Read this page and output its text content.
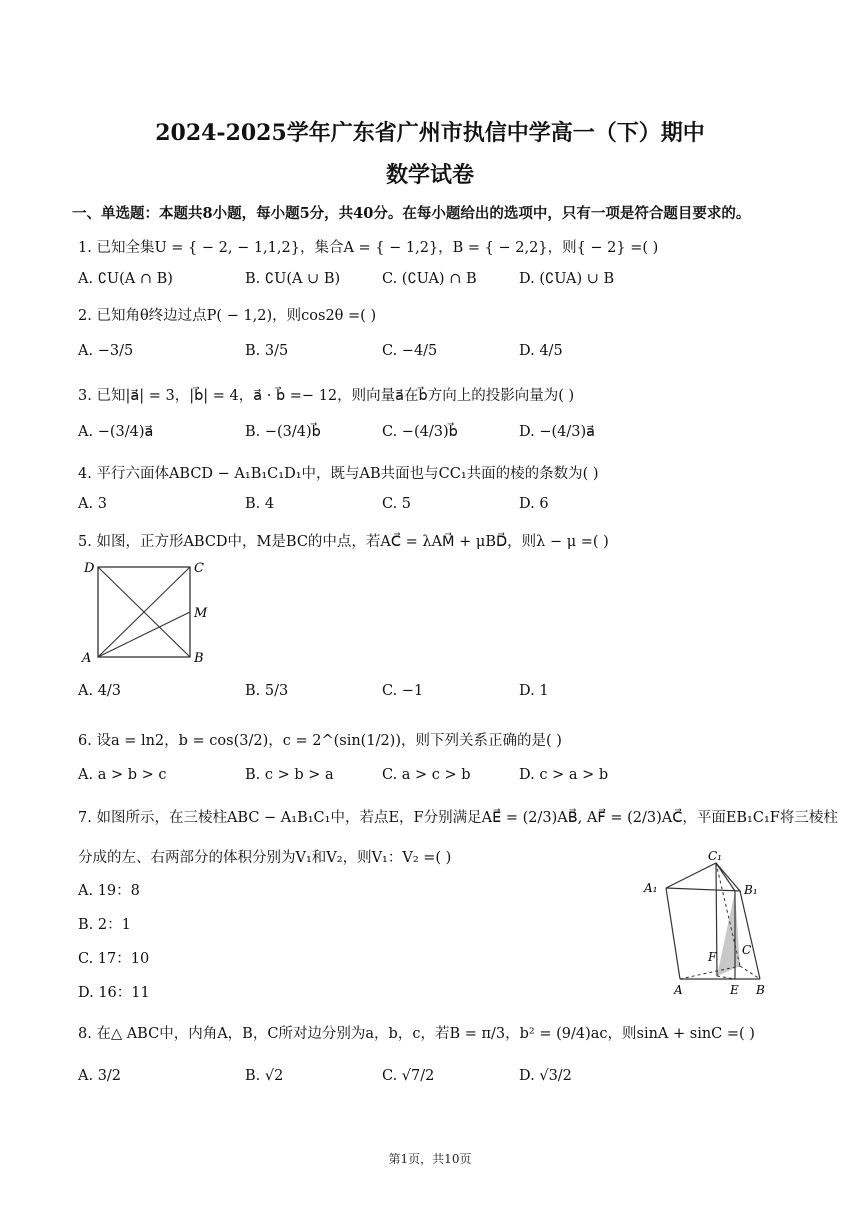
2024-2025学年广东省广州市执信中学高一（下）期中
数学试卷
一、单选题：本题共8小题，每小题5分，共40分。在每小题给出的选项中，只有一项是符合题目要求的。
1. 已知全集U = { − 2, − 1,1,2}，集合A = { − 1,2}，B = { − 2,2}，则{ − 2} =( )
A. ∁U(A ∩ B)	B. ∁U(A ∪ B)	C. (∁UA) ∩ B	D. (∁UA) ∪ B
2. 已知角θ终边过点P( − 1,2)，则cos2θ =( )
A. −3/5	B. 3/5	C. −4/5	D. 4/5
3. 已知|a⃗| = 3，|b⃗| = 4，a⃗ · b⃗ =− 12，则向量a⃗在b⃗方向上的投影向量为( )
A. −(3/4)a⃗	B. −(3/4)b⃗	C. −(4/3)b⃗	D. −(4/3)a⃗
4. 平行六面体ABCD − A₁B₁C₁D₁中，既与AB共面也与CC₁共面的棱的条数为( )
A. 3	B. 4	C. 5	D. 6
5. 如图，正方形ABCD中，M是BC的中点，若AC⃗ = λAM⃗ + μBD⃗，则λ − μ =( )
D	C
M
A	B
A. 4/3	B. 5/3	C. −1	D. 1
6. 设a = ln2，b = cos(3/2)，c = 2^(sin(1/2))，则下列关系正确的是( )
A. a > b > c	B. c > b > a	C. a > c > b	D. c > a > b
7. 如图所示，在三棱柱ABC − A₁B₁C₁中，若点E，F分别满足AE⃗ = (2/3)AB⃗, AF⃗ = (2/3)AC⃗，平面EB₁C₁F将三棱柱
分成的左、右两部分的体积分别为V₁和V₂，则V₁：V₂ =( )
A. 19：8
B. 2：1
C. 17：10
D. 16：11
C₁
A₁	B₁
C
F
A	E B
8. 在△ ABC中，内角A，B，C所对边分别为a，b，c，若B = π/3，b² = (9/4)ac，则sinA + sinC =( )
A. 3/2	B. √2	C. √7/2	D. √3/2
第1页，共10页
